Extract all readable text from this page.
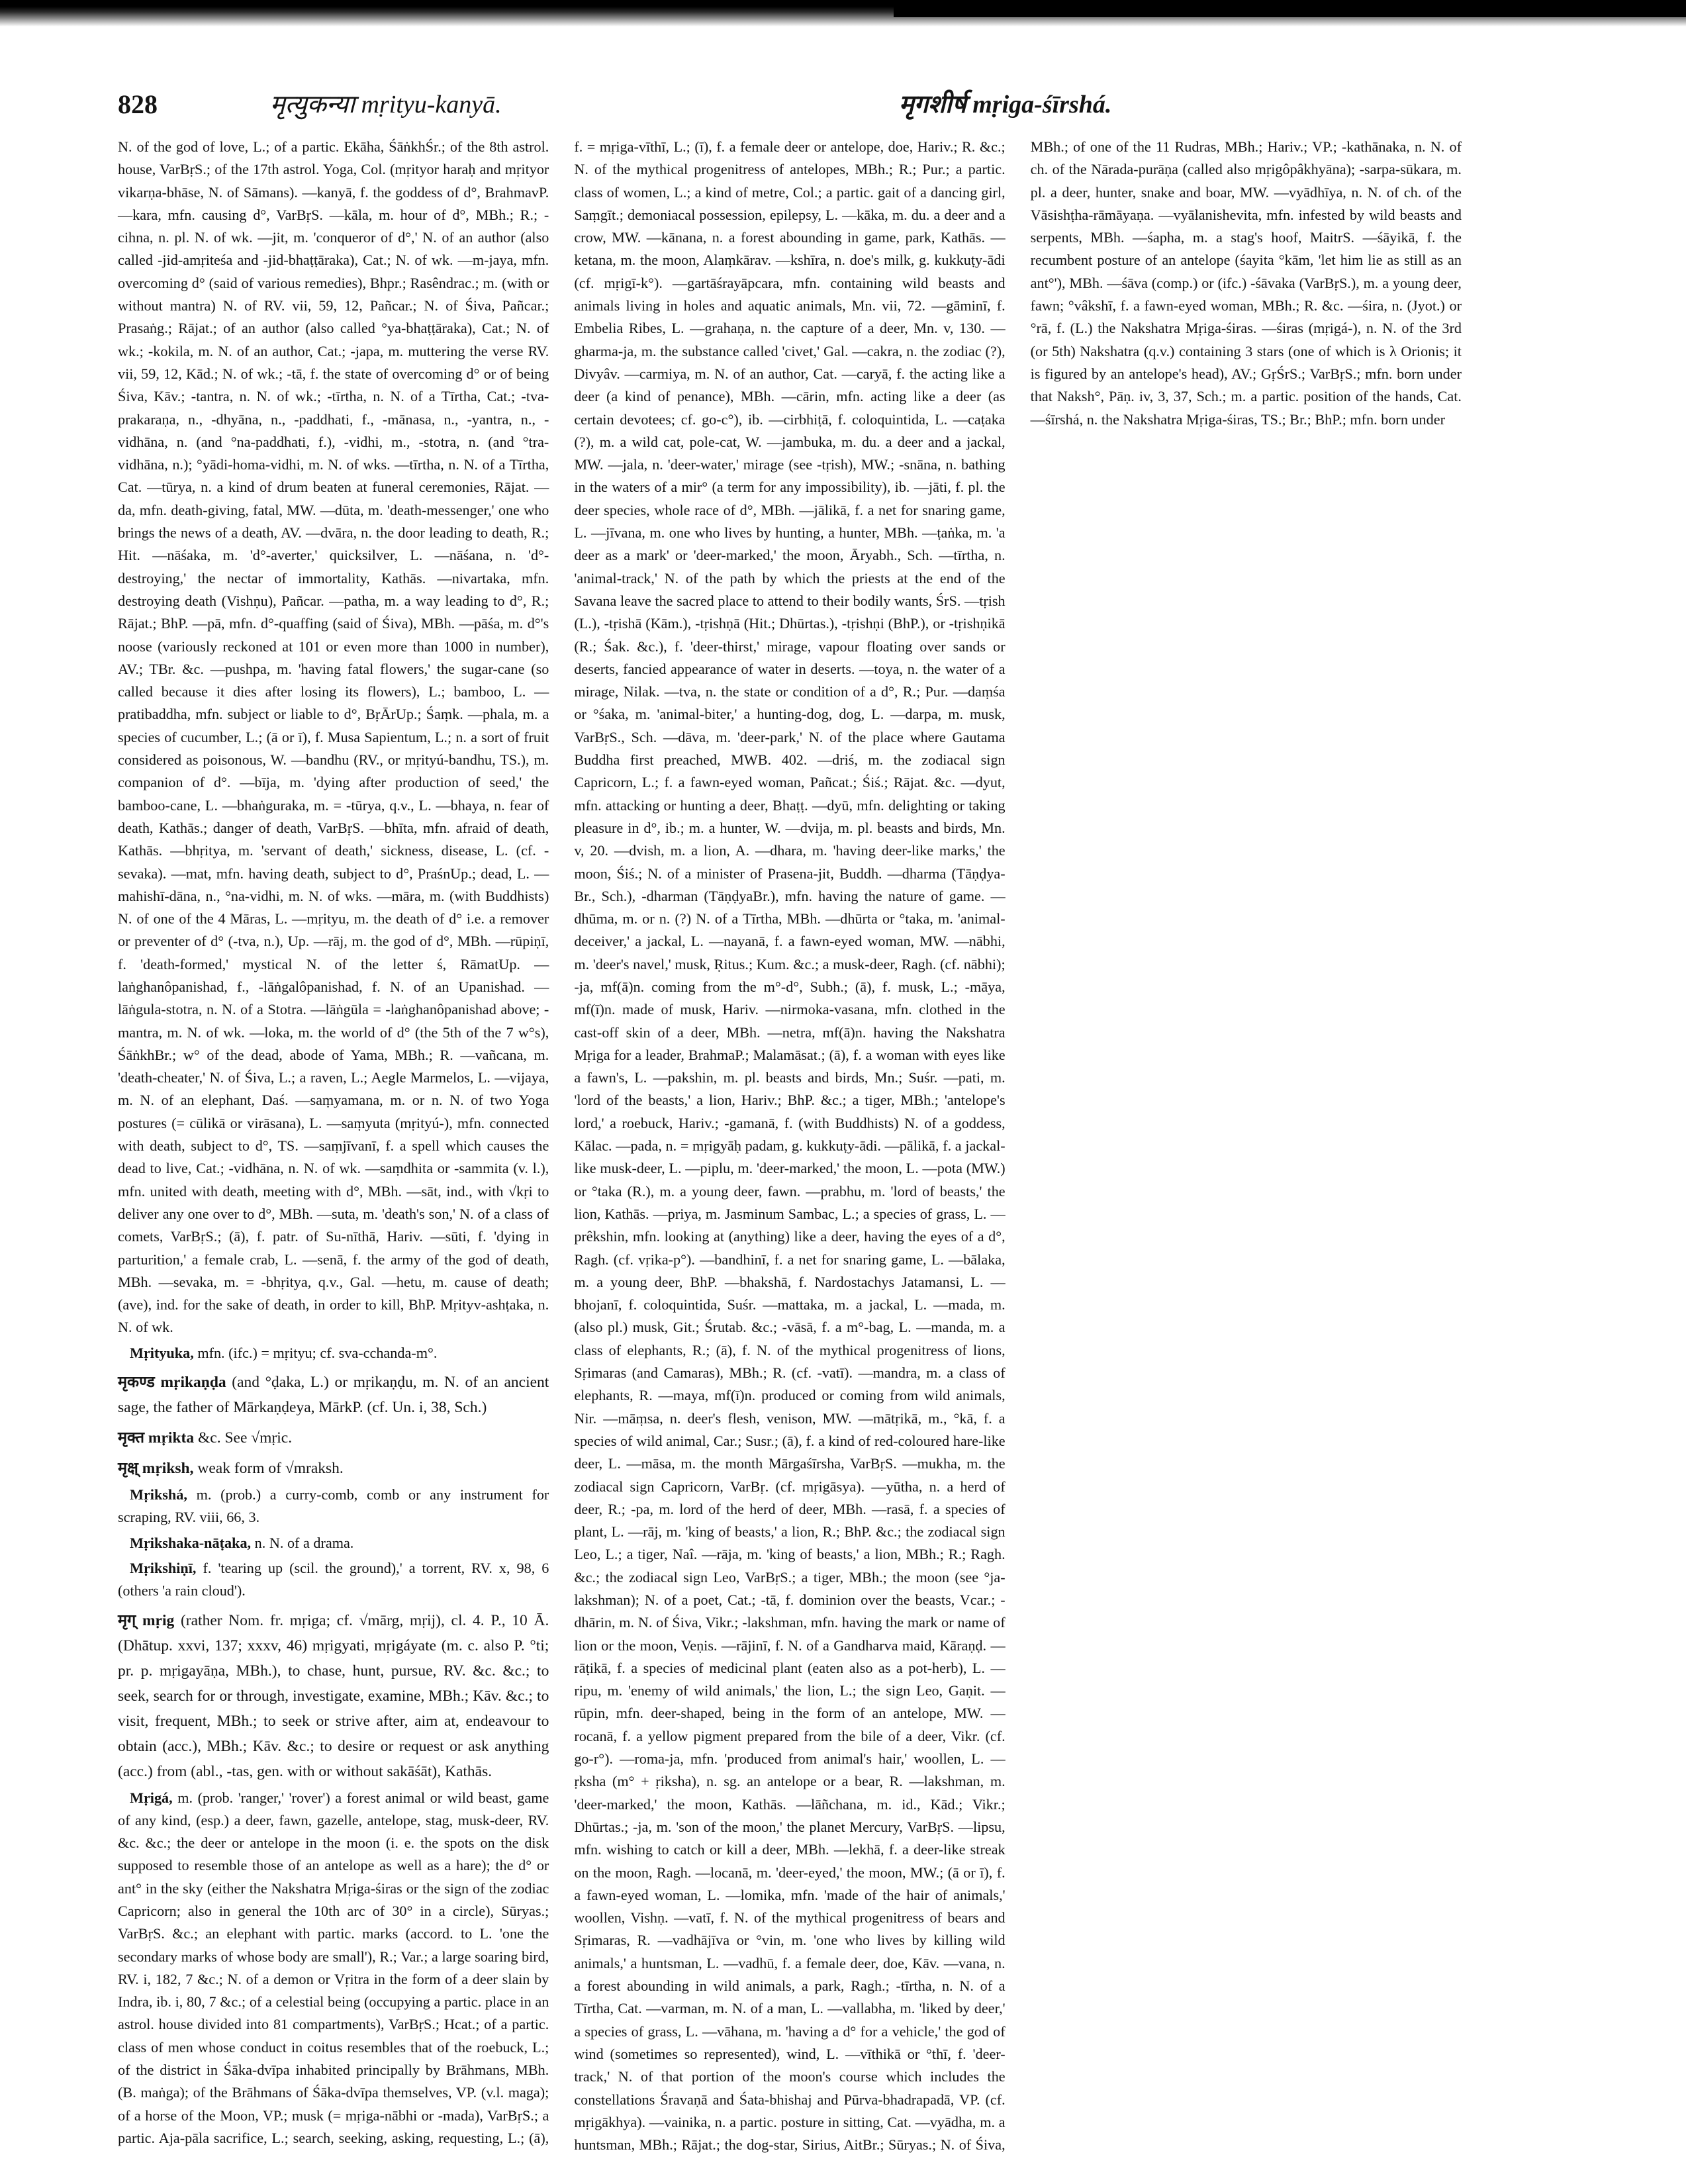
828	मृत्युकन्या mṛityu-kanyā.	मृगशीर्ष mṛiga-śīrshá.

N. of the god of love, L.; of a partic. Ekāha, ŚāṅkhŚr.; of the 8th astrol. house, VarBṛS.; of the 17th astrol. Yoga, Col. (mṛityor haraḥ and mṛityor vikarṇa-bhāse, N. of Sāmans). —kanyā, f. the goddess of d°, BrahmavP. —kara, mfn. causing d°, VarBṛS. —kāla, m. hour of d°, MBh.; R.; -cihna, n. pl. N. of wk. —jit, m. 'conqueror of d°,' N. of an author (also called -jid-amṛiteśa and -jid-bhaṭṭāraka), Cat.; N. of wk. —m-jaya, mfn. overcoming d° (said of various remedies), Bhpr.; Rasêndrac.; m. (with or without mantra) N. of RV. vii, 59, 12, Pañcar.; N. of Śiva, Pañcar.; Prasaṅg.; Rājat.; of an author (also called °ya-bhaṭṭāraka), Cat.; N. of wk.; -kokila, m. N. of an author, Cat.; -japa, m. muttering the verse RV. vii, 59, 12, Kād.; N. of wk.; -tā, f. the state of overcoming d° or of being Śiva, Kāv.; -tantra, n. N. of wk.; -tīrtha, n. N. of a Tīrtha, Cat.; -tva-prakaraṇa, n., -dhyāna, n., -paddhati, f., -mānasa, n., -yantra, n., -vidhāna, n. (and °na-paddhati, f.), -vidhi, m., -stotra, n. (and °tra-vidhāna, n.); °yādi-homa-vidhi, m. N. of wks. —tīrtha, n. N. of a Tīrtha, Cat. —tūrya, n. a kind of drum beaten at funeral ceremonies, Rājat. —da, mfn. death-giving, fatal, MW. —dūta, m. 'death-messenger,' one who brings the news of a death, AV. —dvāra, n. the door leading to death, R.; Hit. —nāśaka, m. 'd°-averter,' quicksilver, L. —nāśana, n. 'd°-destroying,' the nectar of immortality, Kathās. —nivartaka, mfn. destroying death (Vishṇu), Pañcar. —patha, m. a way leading to d°, R.; Rājat.; BhP. —pā, mfn. d°-quaffing (said of Śiva), MBh. —pāśa, m. d°'s noose (variously reckoned at 101 or even more than 1000 in number), AV.; TBr. &c. —pushpa, m. 'having fatal flowers,' the sugar-cane (so called because it dies after losing its flowers), L.; bamboo, L. —pratibaddha, mfn. subject or liable to d°, BṛĀrUp.; Śaṃk. —phala, m. a species of cucumber, L.; (ā or ī), f. Musa Sapientum, L.; n. a sort of fruit considered as poisonous, W. —bandhu (RV., or mṛityú-bandhu, TS.), m. companion of d°. —bīja, m. 'dying after production of seed,' the bamboo-cane, L. —bhaṅguraka, m. = -tūrya, q.v., L. —bhaya, n. fear of death, Kathās.; danger of death, VarBṛS. —bhīta, mfn. afraid of death, Kathās. —bhṛitya, m. 'servant of death,' sickness, disease, L. (cf. -sevaka). —mat, mfn. having death, subject to d°, PraśnUp.; dead, L. —mahishī-dāna, n., °na-vidhi, m. N. of wks. —māra, m. (with Buddhists) N. of one of the 4 Māras, L. —mṛityu, m. the death of d° i.e. a remover or preventer of d° (-tva, n.), Up. —rāj, m. the god of d°, MBh. —rūpiṇī, f. 'death-formed,' mystical N. of the letter ś, RāmatUp. —laṅghanôpanishad, f., -lāṅgalôpanishad, f. N. of an Upanishad. —lāṅgula-stotra, n. N. of a Stotra. —lāṅgūla = -laṅghanôpanishad above; -mantra, m. N. of wk. —loka, m. the world of d° (the 5th of the 7 w°s), ŚāṅkhBr.; w° of the dead, abode of Yama, MBh.; R. —vañcana, m. 'death-cheater,' N. of Śiva, L.; a raven, L.; Aegle Marmelos, L. —vijaya, m. N. of an elephant, Daś. —saṃyamana, m. or n. N. of two Yoga postures (= cūlikā or virāsana), L. —saṃyuta (mṛityú-), mfn. connected with death, subject to d°, TS. —saṃjīvanī, f. a spell which causes the dead to live, Cat.; -vidhāna, n. N. of wk. —saṃdhita or -sammita (v. l.), mfn. united with death, meeting with d°, MBh. —sāt, ind., with √kṛi to deliver any one over to d°, MBh. —suta, m. 'death's son,' N. of a class of comets, VarBṛS.; (ā), f. patr. of Su-nīthā, Hariv. —sūti, f. 'dying in parturition,' a female crab, L. —senā, f. the army of the god of death, MBh. —sevaka, m. = -bhṛitya, q.v., Gal. —hetu, m. cause of death; (ave), ind. for the sake of death, in order to kill, BhP. Mṛityv-ashṭaka, n. N. of wk.

Mṛityuka, mfn. (ifc.) = mṛityu; cf. sva-cchanda-m°.

मृकण्ड mṛikaṇḍa (and °ḍaka, L.) or mṛikaṇḍu, m. N. of an ancient sage, the father of Mārkaṇḍeya, MārkP. (cf. Un. i, 38, Sch.)

मृक्त mṛikta &c. See √mṛic.

मृक्ष् mṛiksh, weak form of √mraksh.

Mṛikshá, m. (prob.) a curry-comb, comb or any instrument for scraping, RV. viii, 66, 3.

Mṛikshaka-nāṭaka, n. N. of a drama.

Mṛikshiṇī, f. 'tearing up (scil. the ground),' a torrent, RV. x, 98, 6 (others 'a rain cloud').

मृग् mṛig (rather Nom. fr. mṛiga; cf. √mārg, mṛij), cl. 4. P., 10 Ā. (Dhātup. xxvi, 137; xxxv, 46) mṛigyati, mṛigáyate (m. c. also P. °ti; pr. p. mṛigayāṇa, MBh.), to chase, hunt, pursue, RV. &c. &c.; to seek, search for or through, investigate, examine, MBh.; Kāv. &c.; to visit, frequent, MBh.; to seek or strive after, aim at, endeavour to obtain (acc.), MBh.; Kāv. &c.; to desire or request or ask anything (acc.) from (abl., -tas, gen. with or without sakāśāt), Kathās.

Mṛigá, m. (prob. 'ranger,' 'rover') a forest animal or wild beast, game of any kind, (esp.) a deer, fawn, gazelle, antelope, stag, musk-deer, RV. &c. &c.; the deer or antelope in the moon (i. e. the spots on the disk supposed to resemble those of an antelope as well as a hare); the d° or ant° in the sky (either the Nakshatra Mṛiga-śiras or the sign of the zodiac Capricorn; also in general the 10th arc of 30° in a circle), Sūryas.; VarBṛS. &c.; an elephant with partic. marks (accord. to L. 'one the secondary marks of whose body are small'), R.; Var.; a large soaring bird, RV. i, 182, 7 &c.; N. of a demon or Vṛitra in the form of a deer slain by Indra, ib. i, 80, 7 &c.; of a celestial being (occupying a partic. place in an astrol. house divided into 81 compartments), VarBṛS.; Hcat.; of a partic. class of men whose conduct in coitus resembles that of the roebuck, L.; of the district in Śāka-dvīpa inhabited principally by Brāhmans, MBh. (B. maṅga); of the Brāhmans of Śāka-dvīpa themselves, VP. (v.l. maga); of a horse of the Moon, VP.; musk (= mṛiga-nābhi or -mada), VarBṛS.; a partic. Aja-pāla sacrifice, L.; search, seeking, asking, requesting, L.; (ā), f. = mṛiga-vīthī, L.; (ī), f. a female deer or antelope, doe, Hariv.; R. &c.; N. of the mythical progenitress of antelopes, MBh.; R.; Pur.; a partic. class of women, L.; a kind of metre, Col.; a partic. gait of a dancing girl, Saṃgīt.; demoniacal possession, epilepsy, L. —kāka, m. du. a deer and a crow, MW. —kānana, n. a forest abounding in game, park, Kathās. —ketana, m. the moon, Alaṃkārav. —kshīra, n. doe's milk, g. kukkuṭy-ādi (cf. mṛigī-k°). —gartāśrayāpcara, mfn. containing wild beasts and animals living in holes and aquatic animals, Mn. vii, 72. —gāminī, f. Embelia Ribes, L. —grahaṇa, n. the capture of a deer, Mn. v, 130. —gharma-ja, m. the substance called 'civet,' Gal. —cakra, n. the zodiac (?), Divyâv. —carmiya, m. N. of an author, Cat. —caryā, f. the acting like a deer (a kind of penance), MBh. —cārin, mfn. acting like a deer (as certain devotees; cf. go-c°), ib. —cirbhiṭā, f. coloquintida, L. —caṭaka (?), m. a wild cat, pole-cat, W. —jambuka, m. du. a deer and a jackal, MW. —jala, n. 'deer-water,' mirage (see -tṛish), MW.; -snāna, n. bathing in the waters of a mir° (a term for any impossibility), ib. —jāti, f. pl. the deer species, whole race of d°, MBh. —jālikā, f. a net for snaring game, L. —jīvana, m. one who lives by hunting, a hunter, MBh. —ṭaṅka, m. 'a deer as a mark' or 'deer-marked,' the moon, Āryabh., Sch. —tīrtha, n. 'animal-track,' N. of the path by which the priests at the end of the Savana leave the sacred place to attend to their bodily wants, ŚrS. —tṛish (L.), -tṛishā (Kām.), -tṛishṇā (Hit.; Dhūrtas.), -tṛishṇi (BhP.), or -tṛishṇikā (R.; Śak. &c.), f. 'deer-thirst,' mirage, vapour floating over sands or deserts, fancied appearance of water in deserts. —toya, n. the water of a mirage, Nilak. —tva, n. the state or condition of a d°, R.; Pur. —daṃśa or °śaka, m. 'animal-biter,' a hunting-dog, dog, L. —darpa, m. musk, VarBṛS., Sch. —dāva, m. 'deer-park,' N. of the place where Gautama Buddha first preached, MWB. 402. —driś, m. the zodiacal sign Capricorn, L.; f. a fawn-eyed woman, Pañcat.; Śiś.; Rājat. &c. —dyut, mfn. attacking or hunting a deer, Bhaṭṭ. —dyū, mfn. delighting or taking pleasure in d°, ib.; m. a hunter, W. —dvija, m. pl. beasts and birds, Mn. v, 20. —dvish, m. a lion, A. —dhara, m. 'having deer-like marks,' the moon, Śiś.; N. of a minister of Prasena-jit, Buddh. —dharma (Tāṇḍya-Br., Sch.), -dharman (TāṇḍyaBr.), mfn. having the nature of game. —dhūma, m. or n. (?) N. of a Tīrtha, MBh. —dhūrta or °taka, m. 'animal-deceiver,' a jackal, L. —nayanā, f. a fawn-eyed woman, MW. —nābhi, m. 'deer's navel,' musk, Ṛitus.; Kum. &c.; a musk-deer, Ragh. (cf. nābhi); -ja, mf(ā)n. coming from the m°-d°, Subh.; (ā), f. musk, L.; -māya, mf(ī)n. made of musk, Hariv. —nirmoka-vasana, mfn. clothed in the cast-off skin of a deer, MBh. —netra, mf(ā)n. having the Nakshatra Mṛiga for a leader, BrahmaP.; Malamāsat.; (ā), f. a woman with eyes like a fawn's, L. —pakshin, m. pl. beasts and birds, Mn.; Suśr. —pati, m. 'lord of the beasts,' a lion, Hariv.; BhP. &c.; a tiger, MBh.; 'antelope's lord,' a roebuck, Hariv.; -gamanā, f. (with Buddhists) N. of a goddess, Kālac. —pada, n. = mṛigyāḥ padam, g. kukkuṭy-ādi. —pālikā, f. a jackal-like musk-deer, L. —piplu, m. 'deer-marked,' the moon, L. —pota (MW.) or °taka (R.), m. a young deer, fawn. —prabhu, m. 'lord of beasts,' the lion, Kathās. —priya, m. Jasminum Sambac, L.; a species of grass, L. —prêkshin, mfn. looking at (anything) like a deer, having the eyes of a d°, Ragh. (cf. vṛika-p°). —bandhinī, f. a net for snaring game, L. —bālaka, m. a young deer, BhP. —bhakshā, f. Nardostachys Jatamansi, L. —bhojanī, f. coloquintida, Suśr. —mattaka, m. a jackal, L. —mada, m. (also pl.) musk, Git.; Śrutab. &c.; -vāsā, f. a m°-bag, L. —manda, m. a class of elephants, R.; (ā), f. N. of the mythical progenitress of lions, Sṛimaras (and Camaras), MBh.; R. (cf. -vatī). —mandra, m. a class of elephants, R. —maya, mf(ī)n. produced or coming from wild animals, Nir. —māṃsa, n. deer's flesh, venison, MW. —mātṛikā, m., °kā, f. a species of wild animal, Car.; Susr.; (ā), f. a kind of red-coloured hare-like deer, L. —māsa, m. the month Mārgaśīrsha, VarBṛS. —mukha, m. the zodiacal sign Capricorn, VarBṛ. (cf. mṛigāsya). —yūtha, n. a herd of deer, R.; -pa, m. lord of the herd of deer, MBh. —rasā, f. a species of plant, L. —rāj, m. 'king of beasts,' a lion, R.; BhP. &c.; the zodiacal sign Leo, L.; a tiger, Naî. —rāja, m. 'king of beasts,' a lion, MBh.; R.; Ragh. &c.; the zodiacal sign Leo, VarBṛS.; a tiger, MBh.; the moon (see °ja-lakshman); N. of a poet, Cat.; -tā, f. dominion over the beasts, Vcar.; -dhārin, m. N. of Śiva, Vikr.; -lakshman, mfn. having the mark or name of lion or the moon, Veṇis. —rājinī, f. N. of a Gandharva maid, Kāraṇḍ. —rāṭikā, f. a species of medicinal plant (eaten also as a pot-herb), L. —ripu, m. 'enemy of wild animals,' the lion, L.; the sign Leo, Gaṇit. —rūpin, mfn. deer-shaped, being in the form of an antelope, MW. —rocanā, f. a yellow pigment prepared from the bile of a deer, Vikr. (cf. go-r°). —roma-ja, mfn. 'produced from animal's hair,' woollen, L. —ṛksha (m° + ṛiksha), n. sg. an antelope or a bear, R. —lakshman, m. 'deer-marked,' the moon, Kathās. —lāñchana, m. id., Kād.; Vikr.; Dhūrtas.; -ja, m. 'son of the moon,' the planet Mercury, VarBṛS. —lipsu, mfn. wishing to catch or kill a deer, MBh. —lekhā, f. a deer-like streak on the moon, Ragh. —locanā, m. 'deer-eyed,' the moon, MW.; (ā or ī), f. a fawn-eyed woman, L. —lomika, mfn. 'made of the hair of animals,' woollen, Vishṇ. —vatī, f. N. of the mythical progenitress of bears and Sṛimaras, R. —vadhājīva or °vin, m. 'one who lives by killing wild animals,' a huntsman, L. —vadhū, f. a female deer, doe, Kāv. —vana, n. a forest abounding in wild animals, a park, Ragh.; -tīrtha, n. N. of a Tīrtha, Cat. —varman, m. N. of a man, L. —vallabha, m. 'liked by deer,' a species of grass, L. —vāhana, m. 'having a d° for a vehicle,' the god of wind (sometimes so represented), wind, L. —vīthikā or °thī, f. 'deer-track,' N. of that portion of the moon's course which includes the constellations Śravaṇā and Śata-bhishaj and Pūrva-bhadrapadā, VP. (cf. mṛigākhya). —vainika, n. a partic. posture in sitting, Cat. —vyādha, m. a huntsman, MBh.; Rājat.; the dog-star, Sirius, AitBr.; Sūryas.; N. of Śiva, MBh.; of one of the 11 Rudras, MBh.; Hariv.; VP.; -kathānaka, n. N. of ch. of the Nārada-purāṇa (called also mṛigôpâkhyāna); -sarpa-sūkara, m. pl. a deer, hunter, snake and boar, MW. —vyādhīya, n. N. of ch. of the Vāsishṭha-rāmāyaṇa. —vyālanishevita, mfn. infested by wild beasts and serpents, MBh. —śapha, m. a stag's hoof, MaitrS. —śāyikā, f. the recumbent posture of an antelope (śayita °kām, 'let him lie as still as an ant°'), MBh. —śāva (comp.) or (ifc.) -śāvaka (VarBṛS.), m. a young deer, fawn; °vâkshī, f. a fawn-eyed woman, MBh.; R. &c. —śira, n. (Jyot.) or °rā, f. (L.) the Nakshatra Mṛiga-śiras. —śiras (mṛigá-), n. N. of the 3rd (or 5th) Nakshatra (q.v.) containing 3 stars (one of which is λ Orionis; it is figured by an antelope's head), AV.; GṛŚrS.; VarBṛS.; mfn. born under that Naksh°, Pāṇ. iv, 3, 37, Sch.; m. a partic. position of the hands, Cat. —śīrshá, n. the Nakshatra Mṛiga-śiras, TS.; Br.; BhP.; mfn. born under
